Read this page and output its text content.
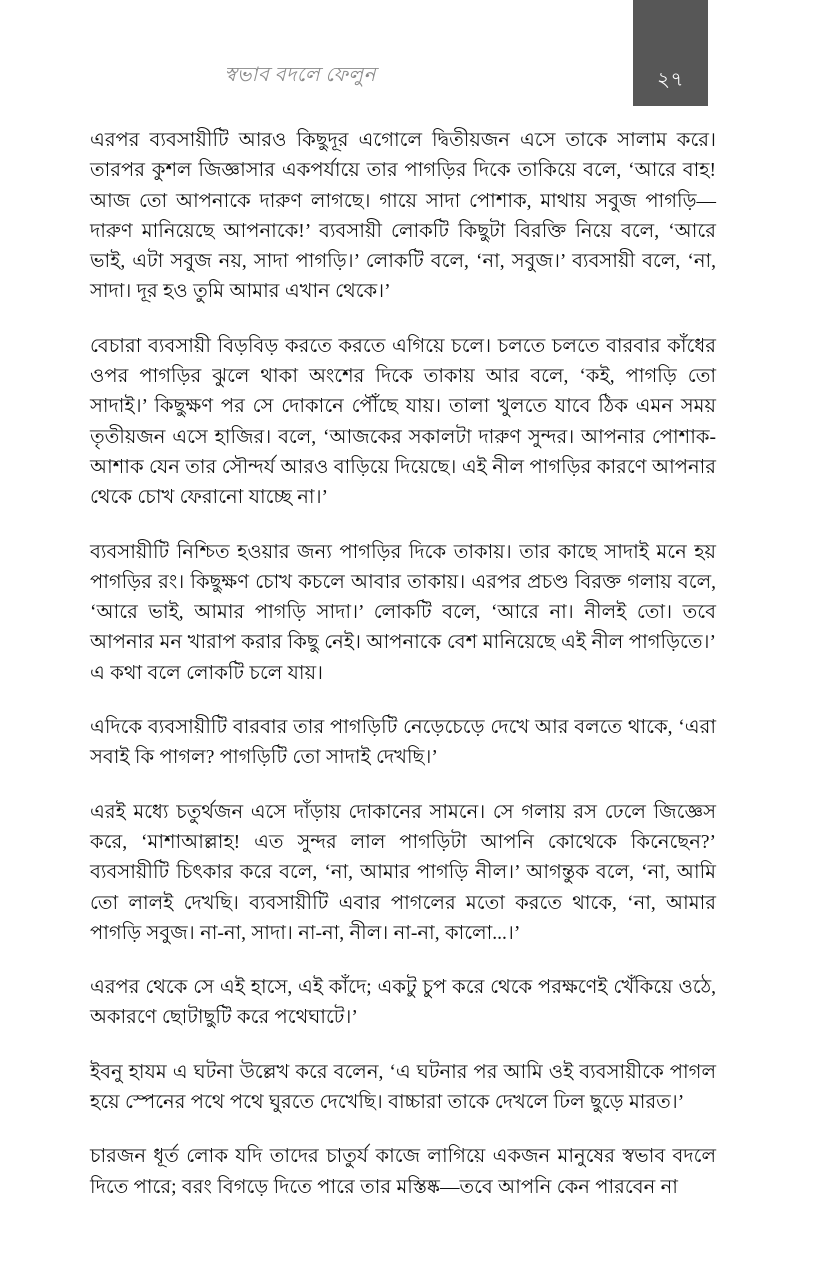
স্বভাব বদলে ফেলুন	২৭

এরপর ব্যবসায়ীটি আরও কিছুদূর এগোলে দ্বিতীয়জন এসে তাকে সালাম করে। তারপর কুশল জিজ্ঞাসার একপর্যায়ে তার পাগড়ির দিকে তাকিয়ে বলে, ‘আরে বাহ! আজ তো আপনাকে দারুণ লাগছে। গায়ে সাদা পোশাক, মাথায় সবুজ পাগড়ি—দারুণ মানিয়েছে আপনাকে!’ ব্যবসায়ী লোকটি কিছুটা বিরক্তি নিয়ে বলে, ‘আরে ভাই, এটা সবুজ নয়, সাদা পাগড়ি।’ লোকটি বলে, ‘না, সবুজ।’ ব্যবসায়ী বলে, ‘না, সাদা। দূর হও তুমি আমার এখান থেকে।’

বেচারা ব্যবসায়ী বিড়বিড় করতে করতে এগিয়ে চলে। চলতে চলতে বারবার কাঁধের ওপর পাগড়ির ঝুলে থাকা অংশের দিকে তাকায় আর বলে, ‘কই, পাগড়ি তো সাদাই।’ কিছুক্ষণ পর সে দোকানে পৌঁছে যায়। তালা খুলতে যাবে ঠিক এমন সময় তৃতীয়জন এসে হাজির। বলে, ‘আজকের সকালটা দারুণ সুন্দর। আপনার পোশাক-আশাক যেন তার সৌন্দর্য আরও বাড়িয়ে দিয়েছে। এই নীল পাগড়ির কারণে আপনার থেকে চোখ ফেরানো যাচ্ছে না।’

ব্যবসায়ীটি নিশ্চিত হওয়ার জন্য পাগড়ির দিকে তাকায়। তার কাছে সাদাই মনে হয় পাগড়ির রং। কিছুক্ষণ চোখ কচলে আবার তাকায়। এরপর প্রচণ্ড বিরক্ত গলায় বলে, ‘আরে ভাই, আমার পাগড়ি সাদা।’ লোকটি বলে, ‘আরে না। নীলই তো। তবে আপনার মন খারাপ করার কিছু নেই। আপনাকে বেশ মানিয়েছে এই নীল পাগড়িতে।’ এ কথা বলে লোকটি চলে যায়।

এদিকে ব্যবসায়ীটি বারবার তার পাগড়িটি নেড়েচেড়ে দেখে আর বলতে থাকে, ‘এরা সবাই কি পাগল? পাগড়িটি তো সাদাই দেখছি।’

এরই মধ্যে চতুর্থজন এসে দাঁড়ায় দোকানের সামনে। সে গলায় রস ঢেলে জিজ্ঞেস করে, ‘মাশাআল্লাহ! এত সুন্দর লাল পাগড়িটা আপনি কোথেকে কিনেছেন?’ ব্যবসায়ীটি চিৎকার করে বলে, ‘না, আমার পাগড়ি নীল।’ আগন্তুক বলে, ‘না, আমি তো লালই দেখছি। ব্যবসায়ীটি এবার পাগলের মতো করতে থাকে, ‘না, আমার পাগড়ি সবুজ। না-না, সাদা। না-না, নীল। না-না, কালো...।’

এরপর থেকে সে এই হাসে, এই কাঁদে; একটু চুপ করে থেকে পরক্ষণেই খেঁকিয়ে ওঠে, অকারণে ছোটাছুটি করে পথেঘাটে।’

ইবনু হাযম এ ঘটনা উল্লেখ করে বলেন, ‘এ ঘটনার পর আমি ওই ব্যবসায়ীকে পাগল হয়ে স্পেনের পথে পথে ঘুরতে দেখেছি। বাচ্চারা তাকে দেখলে ঢিল ছুড়ে মারত।’

চারজন ধূর্ত লোক যদি তাদের চাতুর্য কাজে লাগিয়ে একজন মানুষের স্বভাব বদলে দিতে পারে; বরং বিগড়ে দিতে পারে তার মস্তিষ্ক—তবে আপনি কেন পারবেন না
